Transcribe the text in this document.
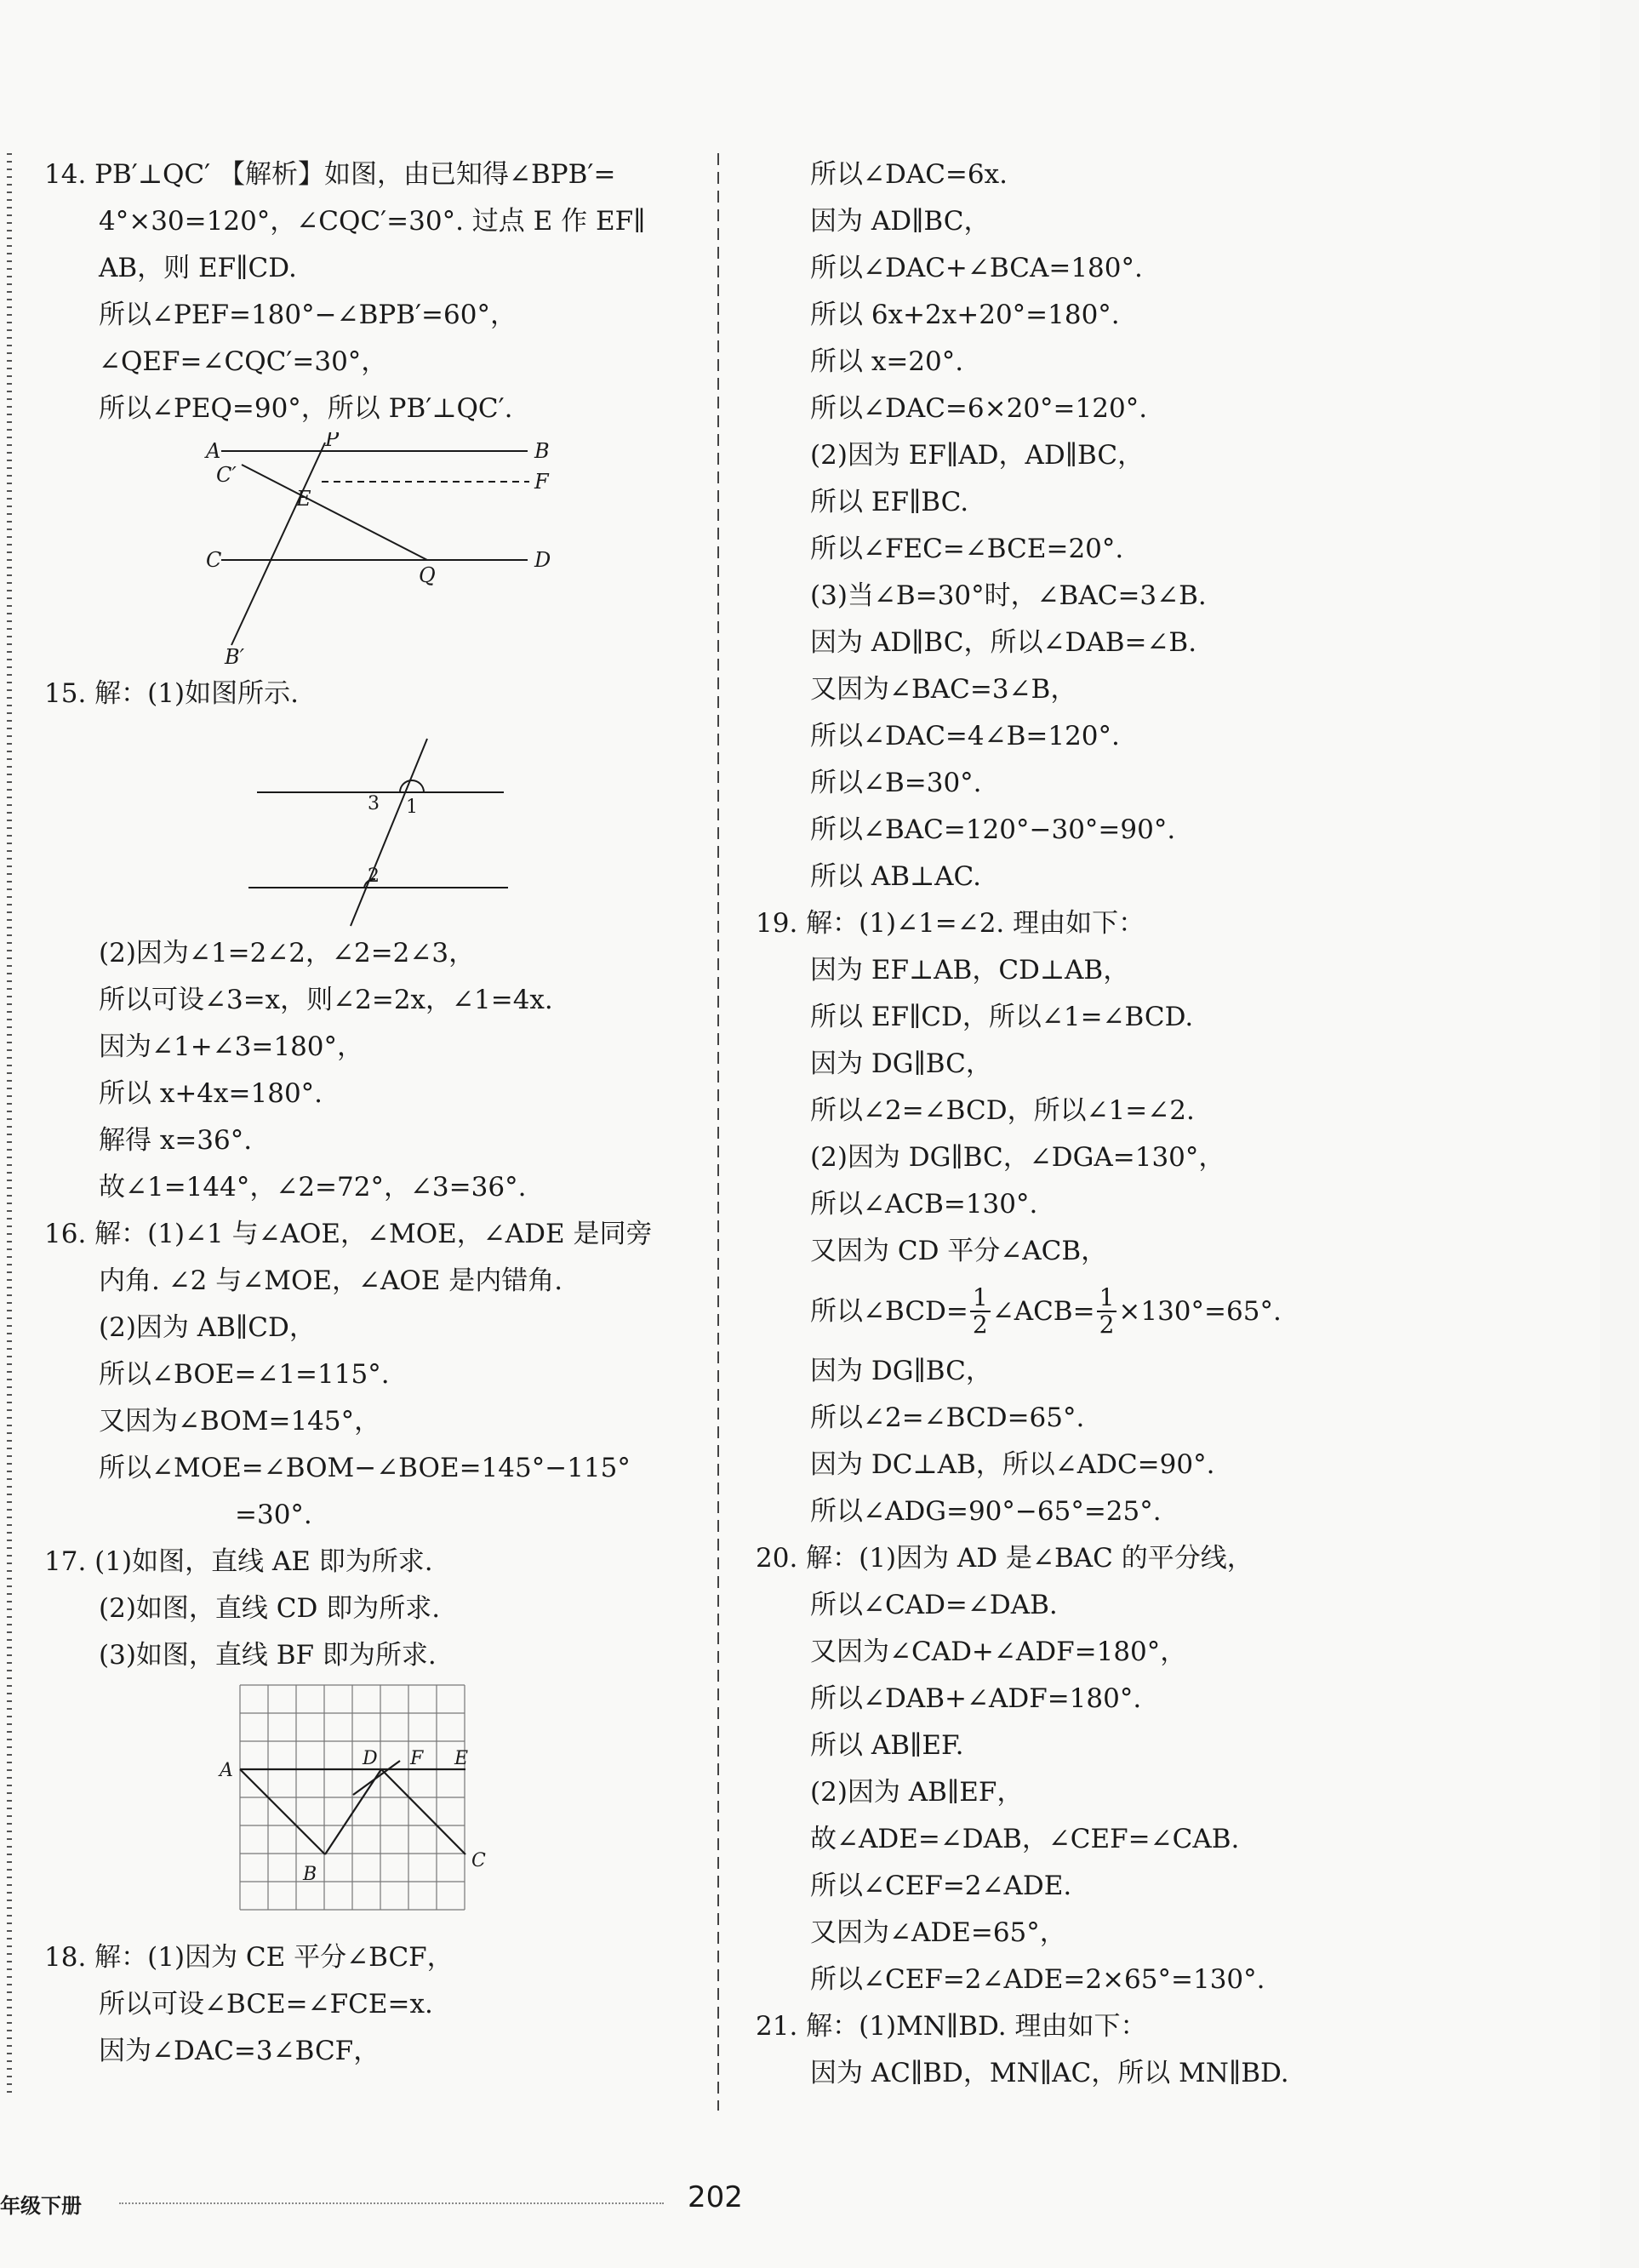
14. PB′⊥QC′ 【解析】如图，由已知得∠BPB′=
4°×30=120°，∠CQC′=30°. 过点 E 作 EF∥
AB，则 EF∥CD.
所以∠PEF=180°−∠BPB′=60°，
∠QEF=∠CQC′=30°，
所以∠PEQ=90°，所以 PB′⊥QC′.
A	P	B
C′	F
E
C
Q
D
B′
15. 解：(1)如图所示.
3 1
2
(2)因为∠1=2∠2，∠2=2∠3，
所以可设∠3=x，则∠2=2x，∠1=4x.
因为∠1+∠3=180°，
所以 x+4x=180°.
解得 x=36°.
故∠1=144°，∠2=72°，∠3=36°.
16. 解：(1)∠1 与∠AOE，∠MOE，∠ADE 是同旁
内角. ∠2 与∠MOE，∠AOE 是内错角.
(2)因为 AB∥CD，
所以∠BOE=∠1=115°.
又因为∠BOM=145°，
所以∠MOE=∠BOM−∠BOE=145°−115°
=30°.
17. (1)如图，直线 AE 即为所求.
(2)如图，直线 CD 即为所求.
(3)如图，直线 BF 即为所求.
A
D F E
B
C
18. 解：(1)因为 CE 平分∠BCF，
所以可设∠BCE=∠FCE=x.
因为∠DAC=3∠BCF，
所以∠DAC=6x.
因为 AD∥BC，
所以∠DAC+∠BCA=180°.
所以 6x+2x+20°=180°.
所以 x=20°.
所以∠DAC=6×20°=120°.
(2)因为 EF∥AD，AD∥BC，
所以 EF∥BC.
所以∠FEC=∠BCE=20°.
(3)当∠B=30°时，∠BAC=3∠B.
因为 AD∥BC，所以∠DAB=∠B.
又因为∠BAC=3∠B，
所以∠DAC=4∠B=120°.
所以∠B=30°.
所以∠BAC=120°−30°=90°.
所以 AB⊥AC.
19. 解：(1)∠1=∠2. 理由如下：
因为 EF⊥AB，CD⊥AB，
所以 EF∥CD，所以∠1=∠BCD.
因为 DG∥BC，
所以∠2=∠BCD，所以∠1=∠2.
(2)因为 DG∥BC，∠DGA=130°，
所以∠ACB=130°.
又因为 CD 平分∠ACB，
所以∠BCD= $\frac{1}{2}$ ∠ACB= $\frac{1}{2} \times 130^\circ=65^\circ$.
因为 DG∥BC，
所以∠2=∠BCD=65°.
因为 DC⊥AB，所以∠ADC=90°.
所以∠ADG=90°−65°=25°.
20. 解：(1)因为 AD 是∠BAC 的平分线，
所以∠CAD=∠DAB.
又因为∠CAD+∠ADF=180°，
所以∠DAB+∠ADF=180°.
所以 AB∥EF.
(2)因为 AB∥EF，
故∠ADE=∠DAB，∠CEF=∠CAB.
所以∠CEF=2∠ADE.
又因为∠ADE=65°，
所以∠CEF=2∠ADE=2×65°=130°.
21. 解：(1)MN∥BD. 理由如下：
因为 AC∥BD，MN∥AC，所以 MN∥BD.
年级下册	202
